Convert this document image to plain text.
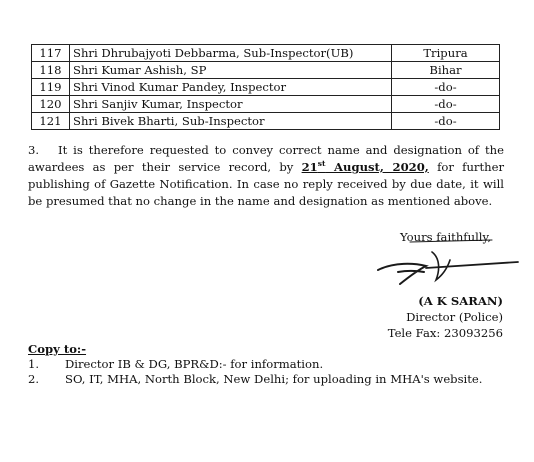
117	Shri Dhrubajyoti Debbarma, Sub-Inspector(UB)	Tripura
118	Shri Kumar Ashish, SP	Bihar
119	Shri Vinod Kumar Pandey, Inspector	-do-
120	Shri Sanjiv Kumar, Inspector	-do-
121	Shri Bivek Bharti, Sub-Inspector	-do-
3. It is therefore requested to convey correct name and designation of the awardees as per their service record, by 21st August, 2020, for further publishing of Gazette Notification. In case no reply received by due date, it will be presumed that no change in the name and designation as mentioned above.
Yours faithfully,
(A K SARAN)
Director (Police)
Tele Fax: 23093256
Copy to:-
1. Director IB & DG, BPR&D:- for information.
2. SO, IT, MHA, North Block, New Delhi; for uploading in MHA's website.
